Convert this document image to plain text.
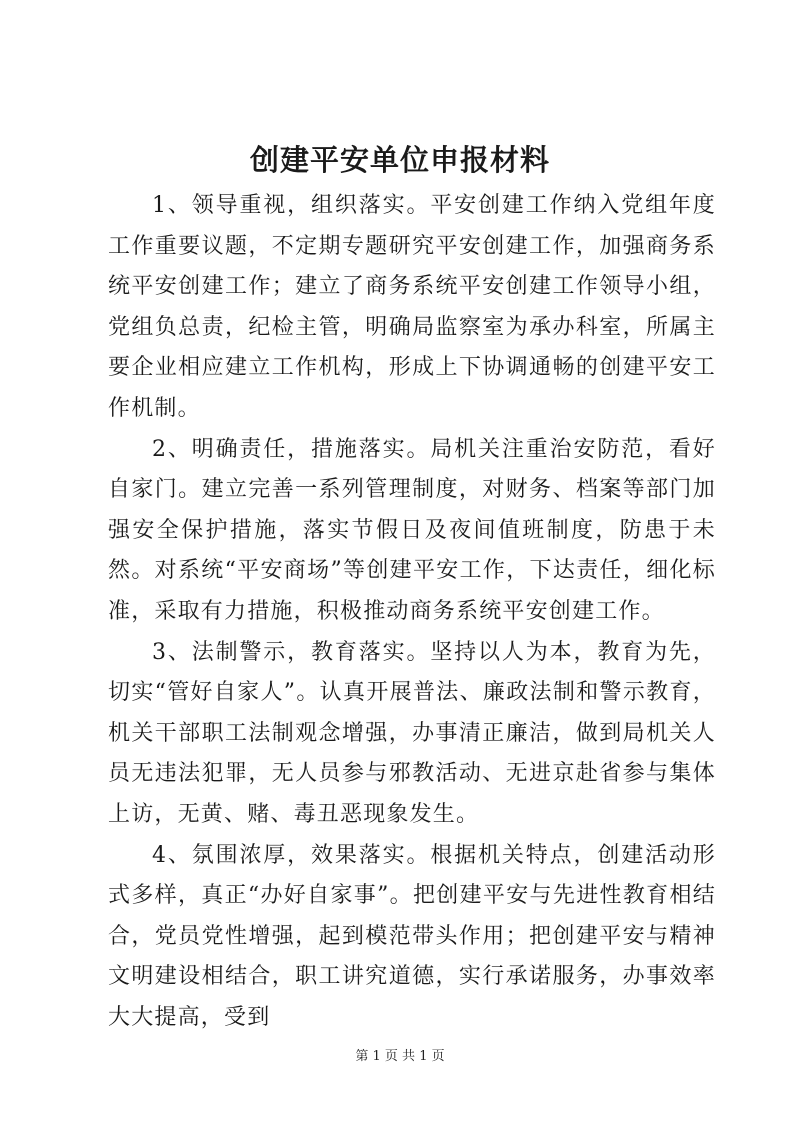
创建平安单位申报材料

1、领导重视，组织落实。平安创建工作纳入党组年度工作重要议题，不定期专题研究平安创建工作，加强商务系统平安创建工作；建立了商务系统平安创建工作领导小组，党组负总责，纪检主管，明确局监察室为承办科室，所属主要企业相应建立工作机构，形成上下协调通畅的创建平安工作机制。

2、明确责任，措施落实。局机关注重治安防范，看好自家门。建立完善一系列管理制度，对财务、档案等部门加强安全保护措施，落实节假日及夜间值班制度，防患于未然。对系统“平安商场”等创建平安工作，下达责任，细化标准，采取有力措施，积极推动商务系统平安创建工作。

3、法制警示，教育落实。坚持以人为本，教育为先，切实“管好自家人”。认真开展普法、廉政法制和警示教育，机关干部职工法制观念增强，办事清正廉洁，做到局机关人员无违法犯罪，无人员参与邪教活动、无进京赴省参与集体上访，无黄、赌、毒丑恶现象发生。

4、氛围浓厚，效果落实。根据机关特点，创建活动形式多样，真正“办好自家事”。把创建平安与先进性教育相结合，党员党性增强，起到模范带头作用；把创建平安与精神文明建设相结合，职工讲究道德，实行承诺服务，办事效率大大提高，受到

第 1 页 共 1 页
